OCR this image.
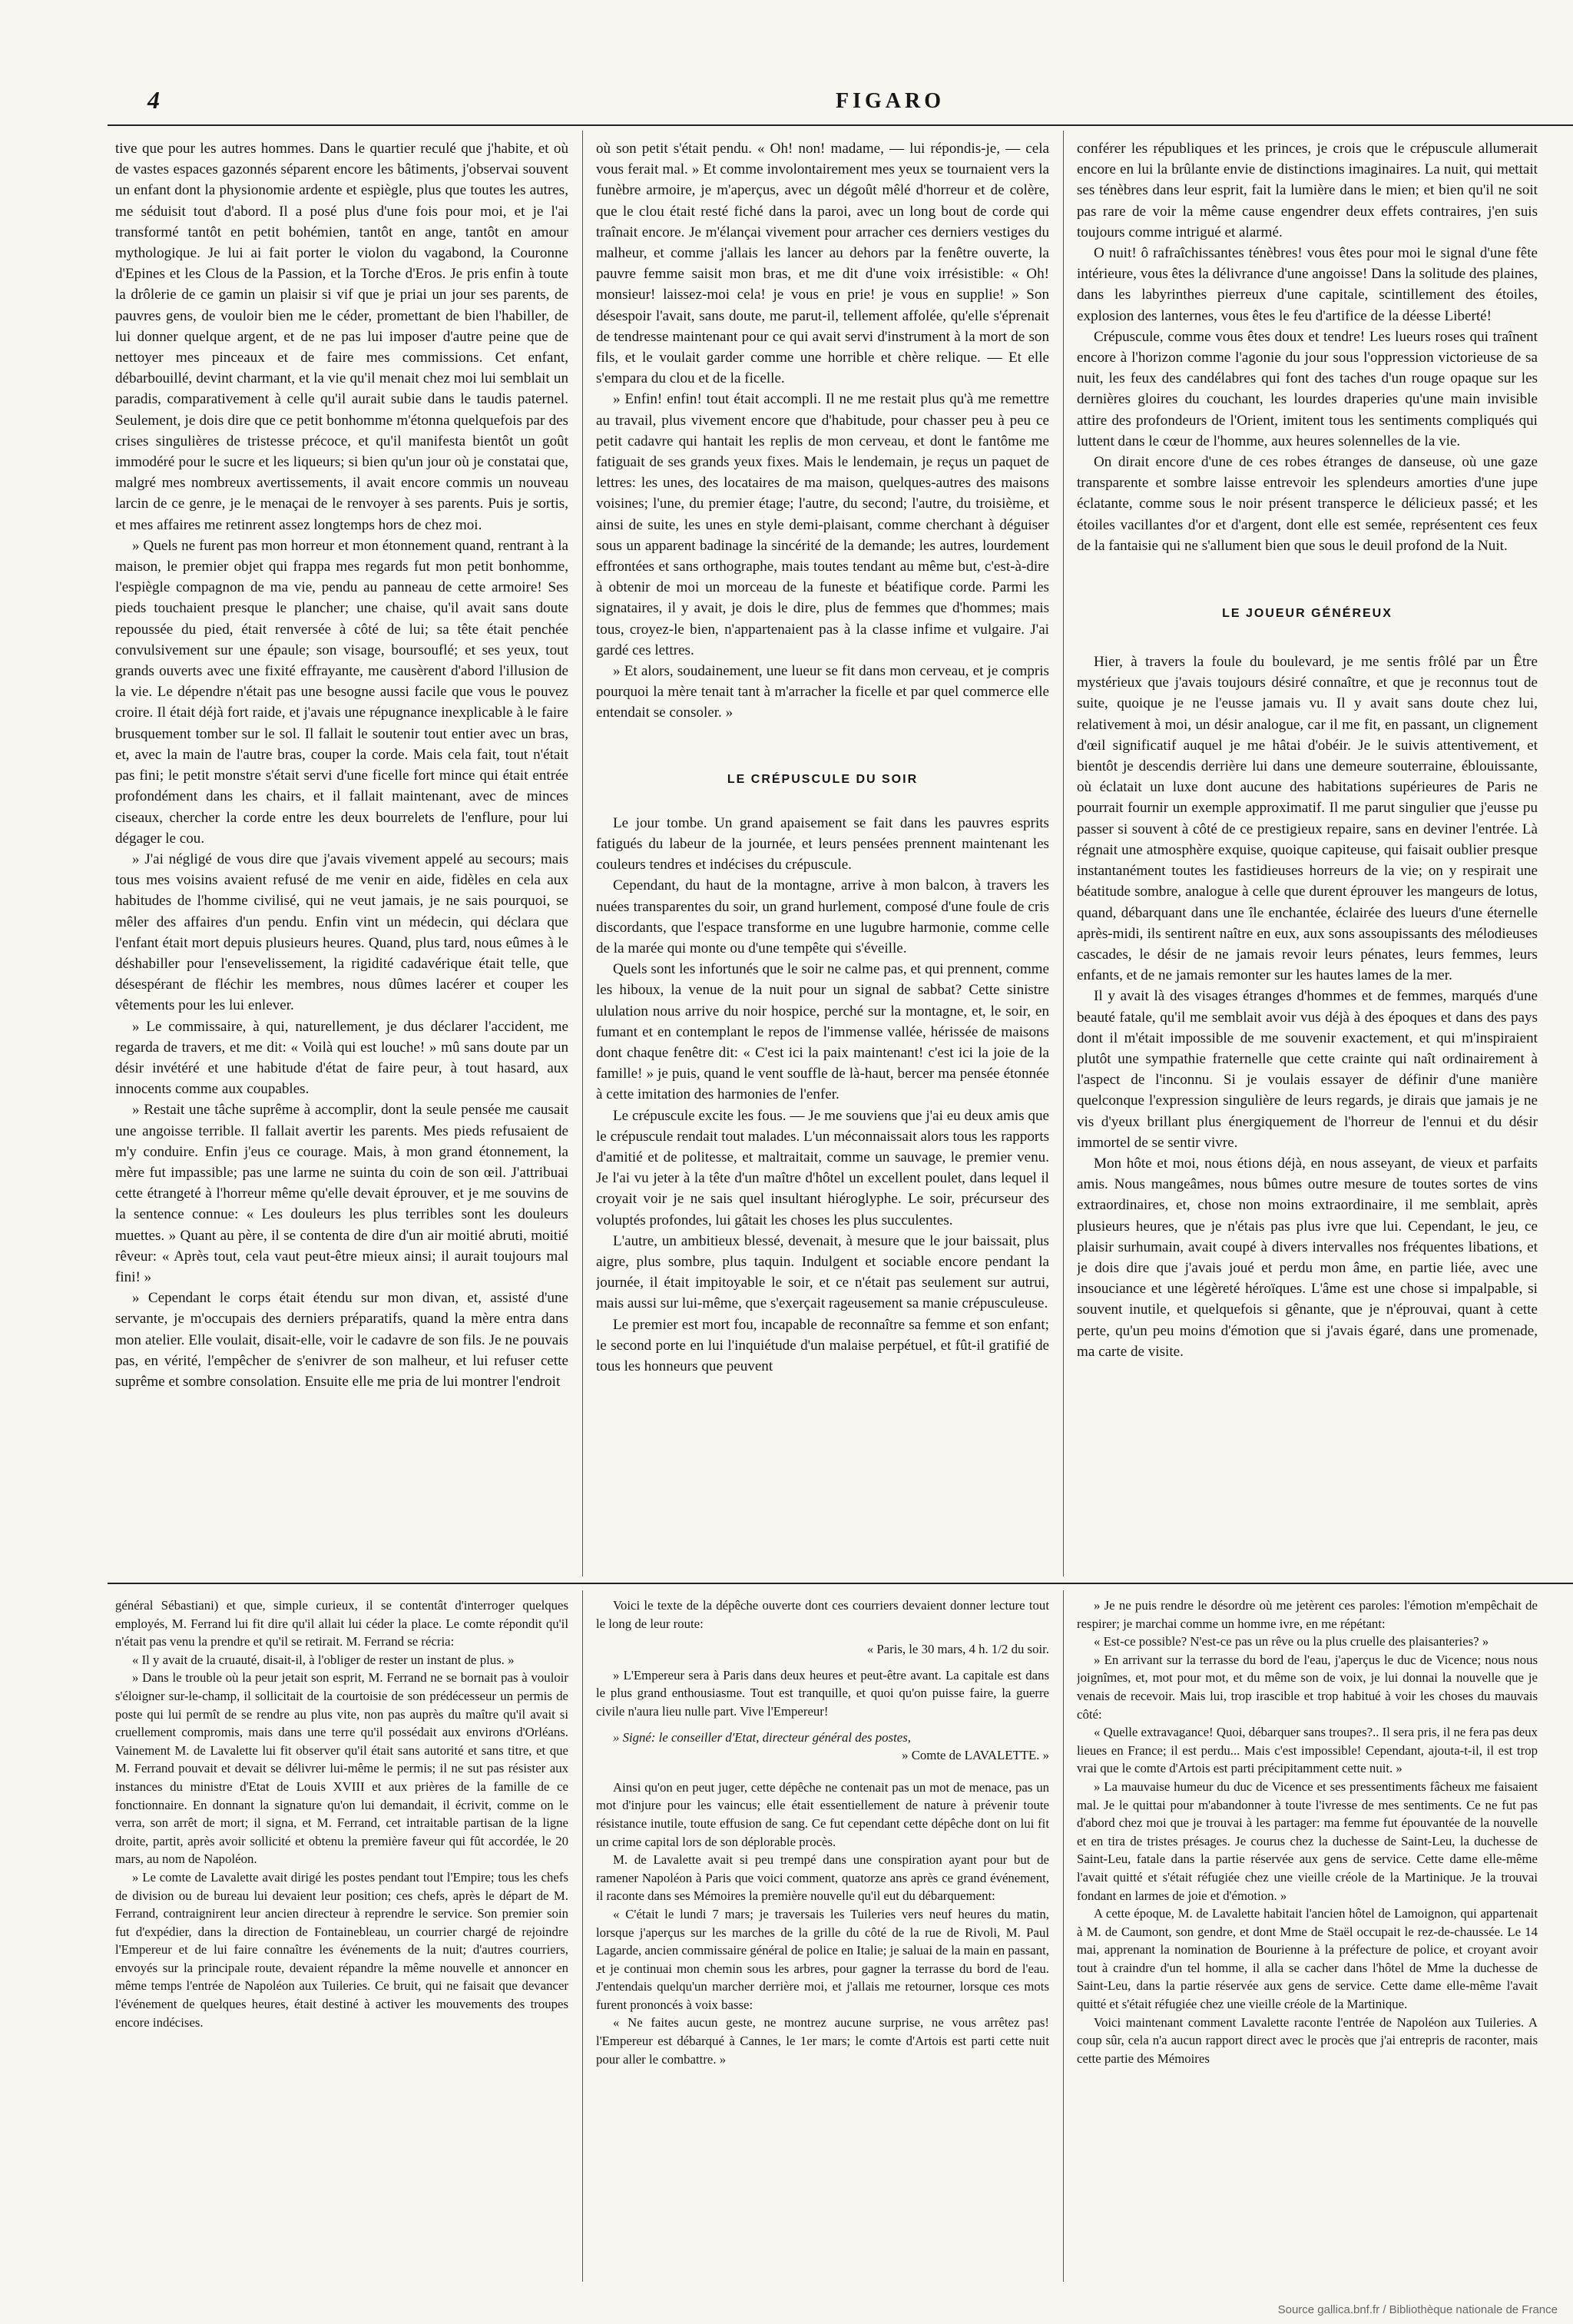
4	FIGARO

tive que pour les autres hommes. Dans le quartier reculé que j'habite, et où de vastes espaces gazonnés séparent encore les bâtiments, j'observai souvent un enfant dont la physionomie ardente et espiègle, plus que toutes les autres, me séduisit tout d'abord. Il a posé plus d'une fois pour moi, et je l'ai transformé tantôt en petit bohémien, tantôt en ange, tantôt en amour mythologique. Je lui ai fait porter le violon du vagabond, la Couronne d'Epines et les Clous de la Passion, et la Torche d'Eros. Je pris enfin à toute la drôlerie de ce gamin un plaisir si vif que je priai un jour ses parents, de pauvres gens, de vouloir bien me le céder, promettant de bien l'habiller, de lui donner quelque argent, et de ne pas lui imposer d'autre peine que de nettoyer mes pinceaux et de faire mes commissions. Cet enfant, débarbouillé, devint charmant, et la vie qu'il menait chez moi lui semblait un paradis, comparativement à celle qu'il aurait subie dans le taudis paternel. Seulement, je dois dire que ce petit bonhomme m'étonna quelquefois par des crises singulières de tristesse précoce, et qu'il manifesta bientôt un goût immodéré pour le sucre et les liqueurs; si bien qu'un jour où je constatai que, malgré mes nombreux avertissements, il avait encore commis un nouveau larcin de ce genre, je le menaçai de le renvoyer à ses parents. Puis je sortis, et mes affaires me retinrent assez longtemps hors de chez moi.

» Quels ne furent pas mon horreur et mon étonnement quand, rentrant à la maison, le premier objet qui frappa mes regards fut mon petit bonhomme, l'espiègle compagnon de ma vie, pendu au panneau de cette armoire! Ses pieds touchaient presque le plancher; une chaise, qu'il avait sans doute repoussée du pied, était renversée à côté de lui; sa tête était penchée convulsivement sur une épaule; son visage, boursouflé; et ses yeux, tout grands ouverts avec une fixité effrayante, me causèrent d'abord l'illusion de la vie. Le dépendre n'était pas une besogne aussi facile que vous le pouvez croire. Il était déjà fort raide, et j'avais une répugnance inexplicable à le faire brusquement tomber sur le sol. Il fallait le soutenir tout entier avec un bras, et, avec la main de l'autre bras, couper la corde. Mais cela fait, tout n'était pas fini; le petit monstre s'était servi d'une ficelle fort mince qui était entrée profondément dans les chairs, et il fallait maintenant, avec de minces ciseaux, chercher la corde entre les deux bourrelets de l'enflure, pour lui dégager le cou.

» J'ai négligé de vous dire que j'avais vivement appelé au secours; mais tous mes voisins avaient refusé de me venir en aide, fidèles en cela aux habitudes de l'homme civilisé, qui ne veut jamais, je ne sais pourquoi, se mêler des affaires d'un pendu. Enfin vint un médecin, qui déclara que l'enfant était mort depuis plusieurs heures. Quand, plus tard, nous eûmes à le déshabiller pour l'ensevelissement, la rigidité cadavérique était telle, que désespérant de fléchir les membres, nous dûmes lacérer et couper les vêtements pour les lui enlever.

» Le commissaire, à qui, naturellement, je dus déclarer l'accident, me regarda de travers, et me dit: « Voilà qui est louche! » mû sans doute par un désir invétéré et une habitude d'état de faire peur, à tout hasard, aux innocents comme aux coupables.

» Restait une tâche suprême à accomplir, dont la seule pensée me causait une angoisse terrible. Il fallait avertir les parents. Mes pieds refusaient de m'y conduire. Enfin j'eus ce courage. Mais, à mon grand étonnement, la mère fut impassible; pas une larme ne suinta du coin de son œil. J'attribuai cette étrangeté à l'horreur même qu'elle devait éprouver, et je me souvins de la sentence connue: « Les douleurs les plus terribles sont les douleurs muettes. » Quant au père, il se contenta de dire d'un air moitié abruti, moitié rêveur: « Après tout, cela vaut peut-être mieux ainsi; il aurait toujours mal fini! »

» Cependant le corps était étendu sur mon divan, et, assisté d'une servante, je m'occupais des derniers préparatifs, quand la mère entra dans mon atelier. Elle voulait, disait-elle, voir le cadavre de son fils. Je ne pouvais pas, en vérité, l'empêcher de s'enivrer de son malheur, et lui refuser cette suprême et sombre consolation. Ensuite elle me pria de lui montrer l'endroit

où son petit s'était pendu. « Oh! non! madame, — lui répondis-je, — cela vous ferait mal. » Et comme involontairement mes yeux se tournaient vers la funèbre armoire, je m'aperçus, avec un dégoût mêlé d'horreur et de colère, que le clou était resté fiché dans la paroi, avec un long bout de corde qui traînait encore. Je m'élançai vivement pour arracher ces derniers vestiges du malheur, et comme j'allais les lancer au dehors par la fenêtre ouverte, la pauvre femme saisit mon bras, et me dit d'une voix irrésistible: « Oh! monsieur! laissez-moi cela! je vous en prie! je vous en supplie! » Son désespoir l'avait, sans doute, me parut-il, tellement affolée, qu'elle s'éprenait de tendresse maintenant pour ce qui avait servi d'instrument à la mort de son fils, et le voulait garder comme une horrible et chère relique. — Et elle s'empara du clou et de la ficelle.

» Enfin! enfin! tout était accompli. Il ne me restait plus qu'à me remettre au travail, plus vivement encore que d'habitude, pour chasser peu à peu ce petit cadavre qui hantait les replis de mon cerveau, et dont le fantôme me fatiguait de ses grands yeux fixes. Mais le lendemain, je reçus un paquet de lettres: les unes, des locataires de ma maison, quelques-autres des maisons voisines; l'une, du premier étage; l'autre, du second; l'autre, du troisième, et ainsi de suite, les unes en style demi-plaisant, comme cherchant à déguiser sous un apparent badinage la sincérité de la demande; les autres, lourdement effrontées et sans orthographe, mais toutes tendant au même but, c'est-à-dire à obtenir de moi un morceau de la funeste et béatifique corde. Parmi les signataires, il y avait, je dois le dire, plus de femmes que d'hommes; mais tous, croyez-le bien, n'appartenaient pas à la classe infime et vulgaire. J'ai gardé ces lettres.

» Et alors, soudainement, une lueur se fit dans mon cerveau, et je compris pourquoi la mère tenait tant à m'arracher la ficelle et par quel commerce elle entendait se consoler. »

LE CRÉPUSCULE DU SOIR

Le jour tombe. Un grand apaisement se fait dans les pauvres esprits fatigués du labeur de la journée, et leurs pensées prennent maintenant les couleurs tendres et indécises du crépuscule.

Cependant, du haut de la montagne, arrive à mon balcon, à travers les nuées transparentes du soir, un grand hurlement, composé d'une foule de cris discordants, que l'espace transforme en une lugubre harmonie, comme celle de la marée qui monte ou d'une tempête qui s'éveille.

Quels sont les infortunés que le soir ne calme pas, et qui prennent, comme les hiboux, la venue de la nuit pour un signal de sabbat? Cette sinistre ululation nous arrive du noir hospice, perché sur la montagne, et, le soir, en fumant et en contemplant le repos de l'immense vallée, hérissée de maisons dont chaque fenêtre dit: « C'est ici la paix maintenant! c'est ici la joie de la famille! » je puis, quand le vent souffle de là-haut, bercer ma pensée étonnée à cette imitation des harmonies de l'enfer.

Le crépuscule excite les fous. — Je me souviens que j'ai eu deux amis que le crépuscule rendait tout malades. L'un méconnaissait alors tous les rapports d'amitié et de politesse, et maltraitait, comme un sauvage, le premier venu. Je l'ai vu jeter à la tête d'un maître d'hôtel un excellent poulet, dans lequel il croyait voir je ne sais quel insultant hiéroglyphe. Le soir, précurseur des voluptés profondes, lui gâtait les choses les plus succulentes.

L'autre, un ambitieux blessé, devenait, à mesure que le jour baissait, plus aigre, plus sombre, plus taquin. Indulgent et sociable encore pendant la journée, il était impitoyable le soir, et ce n'était pas seulement sur autrui, mais aussi sur lui-même, que s'exerçait rageusement sa manie crépusculeuse.

Le premier est mort fou, incapable de reconnaître sa femme et son enfant; le second porte en lui l'inquiétude d'un malaise perpétuel, et fût-il gratifié de tous les honneurs que peuvent

conférer les républiques et les princes, je crois que le crépuscule allumerait encore en lui la brûlante envie de distinctions imaginaires. La nuit, qui mettait ses ténèbres dans leur esprit, fait la lumière dans le mien; et bien qu'il ne soit pas rare de voir la même cause engendrer deux effets contraires, j'en suis toujours comme intrigué et alarmé.

O nuit! ô rafraîchissantes ténèbres! vous êtes pour moi le signal d'une fête intérieure, vous êtes la délivrance d'une angoisse! Dans la solitude des plaines, dans les labyrinthes pierreux d'une capitale, scintillement des étoiles, explosion des lanternes, vous êtes le feu d'artifice de la déesse Liberté!

Crépuscule, comme vous êtes doux et tendre! Les lueurs roses qui traînent encore à l'horizon comme l'agonie du jour sous l'oppression victorieuse de sa nuit, les feux des candélabres qui font des taches d'un rouge opaque sur les dernières gloires du couchant, les lourdes draperies qu'une main invisible attire des profondeurs de l'Orient, imitent tous les sentiments compliqués qui luttent dans le cœur de l'homme, aux heures solennelles de la vie.

On dirait encore d'une de ces robes étranges de danseuse, où une gaze transparente et sombre laisse entrevoir les splendeurs amorties d'une jupe éclatante, comme sous le noir présent transperce le délicieux passé; et les étoiles vacillantes d'or et d'argent, dont elle est semée, représentent ces feux de la fantaisie qui ne s'allument bien que sous le deuil profond de la Nuit.

LE JOUEUR GÉNÉREUX

Hier, à travers la foule du boulevard, je me sentis frôlé par un Être mystérieux que j'avais toujours désiré connaître, et que je reconnus tout de suite, quoique je ne l'eusse jamais vu. Il y avait sans doute chez lui, relativement à moi, un désir analogue, car il me fit, en passant, un clignement d'œil significatif auquel je me hâtai d'obéir. Je le suivis attentivement, et bientôt je descendis derrière lui dans une demeure souterraine, éblouissante, où éclatait un luxe dont aucune des habitations supérieures de Paris ne pourrait fournir un exemple approximatif. Il me parut singulier que j'eusse pu passer si souvent à côté de ce prestigieux repaire, sans en deviner l'entrée. Là régnait une atmosphère exquise, quoique capiteuse, qui faisait oublier presque instantanément toutes les fastidieuses horreurs de la vie; on y respirait une béatitude sombre, analogue à celle que durent éprouver les mangeurs de lotus, quand, débarquant dans une île enchantée, éclairée des lueurs d'une éternelle après-midi, ils sentirent naître en eux, aux sons assoupissants des mélodieuses cascades, le désir de ne jamais revoir leurs pénates, leurs femmes, leurs enfants, et de ne jamais remonter sur les hautes lames de la mer.

Il y avait là des visages étranges d'hommes et de femmes, marqués d'une beauté fatale, qu'il me semblait avoir vus déjà à des époques et dans des pays dont il m'était impossible de me souvenir exactement, et qui m'inspiraient plutôt une sympathie fraternelle que cette crainte qui naît ordinairement à l'aspect de l'inconnu. Si je voulais essayer de définir d'une manière quelconque l'expression singulière de leurs regards, je dirais que jamais je ne vis d'yeux brillant plus énergiquement de l'horreur de l'ennui et du désir immortel de se sentir vivre.

Mon hôte et moi, nous étions déjà, en nous asseyant, de vieux et parfaits amis. Nous mangeâmes, nous bûmes outre mesure de toutes sortes de vins extraordinaires, et, chose non moins extraordinaire, il me semblait, après plusieurs heures, que je n'étais pas plus ivre que lui. Cependant, le jeu, ce plaisir surhumain, avait coupé à divers intervalles nos fréquentes libations, et je dois dire que j'avais joué et perdu mon âme, en partie liée, avec une insouciance et une légèreté héroïques. L'âme est une chose si impalpable, si souvent inutile, et quelquefois si gênante, que je n'éprouvai, quant à cette perte, qu'un peu moins d'émotion que si j'avais égaré, dans une promenade, ma carte de visite.

général Sébastiani) et que, simple curieux, il se contentât d'interroger quelques employés, M. Ferrand lui fit dire qu'il allait lui céder la place. Le comte répondit qu'il n'était pas venu la prendre et qu'il se retirait. M. Ferrand se récria:

« Il y avait de la cruauté, disait-il, à l'obliger de rester un instant de plus. »

» Dans le trouble où la peur jetait son esprit, M. Ferrand ne se bornait pas à vouloir s'éloigner sur-le-champ, il sollicitait de la courtoisie de son prédécesseur un permis de poste qui lui permît de se rendre au plus vite, non pas auprès du maître qu'il avait si cruellement compromis, mais dans une terre qu'il possédait aux environs d'Orléans. Vainement M. de Lavalette lui fit observer qu'il était sans autorité et sans titre, et que M. Ferrand pouvait et devait se délivrer lui-même le permis; il ne sut pas résister aux instances du ministre d'Etat de Louis XVIII et aux prières de la famille de ce fonctionnaire. En donnant la signature qu'on lui demandait, il écrivit, comme on le verra, son arrêt de mort; il signa, et M. Ferrand, cet intraitable partisan de la ligne droite, partit, après avoir sollicité et obtenu la première faveur qui fût accordée, le 20 mars, au nom de Napoléon.

» Le comte de Lavalette avait dirigé les postes pendant tout l'Empire; tous les chefs de division ou de bureau lui devaient leur position; ces chefs, après le départ de M. Ferrand, contraignirent leur ancien directeur à reprendre le service. Son premier soin fut d'expédier, dans la direction de Fontainebleau, un courrier chargé de rejoindre l'Empereur et de lui faire connaître les événements de la nuit; d'autres courriers, envoyés sur la principale route, devaient répandre la même nouvelle et annoncer en même temps l'entrée de Napoléon aux Tuileries. Ce bruit, qui ne faisait que devancer l'événement de quelques heures, était destiné à activer les mouvements des troupes encore indécises.

Voici le texte de la dépêche ouverte dont ces courriers devaient donner lecture tout le long de leur route:

« Paris, le 30 mars, 4 h. 1/2 du soir.

» L'Empereur sera à Paris dans deux heures et peut-être avant. La capitale est dans le plus grand enthousiasme. Tout est tranquille, et quoi qu'on puisse faire, la guerre civile n'aura lieu nulle part. Vive l'Empereur!

» Signé: le conseiller d'Etat, directeur général des postes,

» Comte de LAVALETTE. »

Ainsi qu'on en peut juger, cette dépêche ne contenait pas un mot de menace, pas un mot d'injure pour les vaincus; elle était essentiellement de nature à prévenir toute résistance inutile, toute effusion de sang. Ce fut cependant cette dépêche dont on lui fit un crime capital lors de son déplorable procès.

M. de Lavalette avait si peu trempé dans une conspiration ayant pour but de ramener Napoléon à Paris que voici comment, quatorze ans après ce grand événement, il raconte dans ses Mémoires la première nouvelle qu'il eut du débarquement:

« C'était le lundi 7 mars; je traversais les Tuileries vers neuf heures du matin, lorsque j'aperçus sur les marches de la grille du côté de la rue de Rivoli, M. Paul Lagarde, ancien commissaire général de police en Italie; je saluai de la main en passant, et je continuai mon chemin sous les arbres, pour gagner la terrasse du bord de l'eau. J'entendais quelqu'un marcher derrière moi, et j'allais me retourner, lorsque ces mots furent prononcés à voix basse:

« Ne faites aucun geste, ne montrez aucune surprise, ne vous arrêtez pas! l'Empereur est débarqué à Cannes, le 1er mars; le comte d'Artois est parti cette nuit pour aller le combattre. »

» Je ne puis rendre le désordre où me jetèrent ces paroles: l'émotion m'empêchait de respirer; je marchai comme un homme ivre, en me répétant:

« Est-ce possible? N'est-ce pas un rêve ou la plus cruelle des plaisanteries? »

» En arrivant sur la terrasse du bord de l'eau, j'aperçus le duc de Vicence; nous nous joignîmes, et, mot pour mot, et du même son de voix, je lui donnai la nouvelle que je venais de recevoir. Mais lui, trop irascible et trop habitué à voir les choses du mauvais côté:

« Quelle extravagance! Quoi, débarquer sans troupes?.. Il sera pris, il ne fera pas deux lieues en France; il est perdu... Mais c'est impossible! Cependant, ajouta-t-il, il est trop vrai que le comte d'Artois est parti précipitamment cette nuit. »

» La mauvaise humeur du duc de Vicence et ses pressentiments fâcheux me faisaient mal. Je le quittai pour m'abandonner à toute l'ivresse de mes sentiments. Ce ne fut pas d'abord chez moi que je trouvai à les partager: ma femme fut épouvantée de la nouvelle et en tira de tristes présages. Je courus chez la duchesse de Saint-Leu, la duchesse de Saint-Leu, fatale dans la partie réservée aux gens de service. Cette dame elle-même l'avait quitté et s'était réfugiée chez une vieille créole de la Martinique. Je la trouvai fondant en larmes de joie et d'émotion. »

A cette époque, M. de Lavalette habitait l'ancien hôtel de Lamoignon, qui appartenait à M. de Caumont, son gendre, et dont Mme de Staël occupait le rez-de-chaussée. Le 14 mai, apprenant la nomination de Bourienne à la préfecture de police, et croyant avoir tout à craindre d'un tel homme, il alla se cacher dans l'hôtel de Mme la duchesse de Saint-Leu, dans la partie réservée aux gens de service. Cette dame elle-même l'avait quitté et s'était réfugiée chez une vieille créole de la Martinique.

Voici maintenant comment Lavalette raconte l'entrée de Napoléon aux Tuileries. A coup sûr, cela n'a aucun rapport direct avec le procès que j'ai entrepris de raconter, mais cette partie des Mémoires

Source gallica.bnf.fr / Bibliothèque nationale de France
